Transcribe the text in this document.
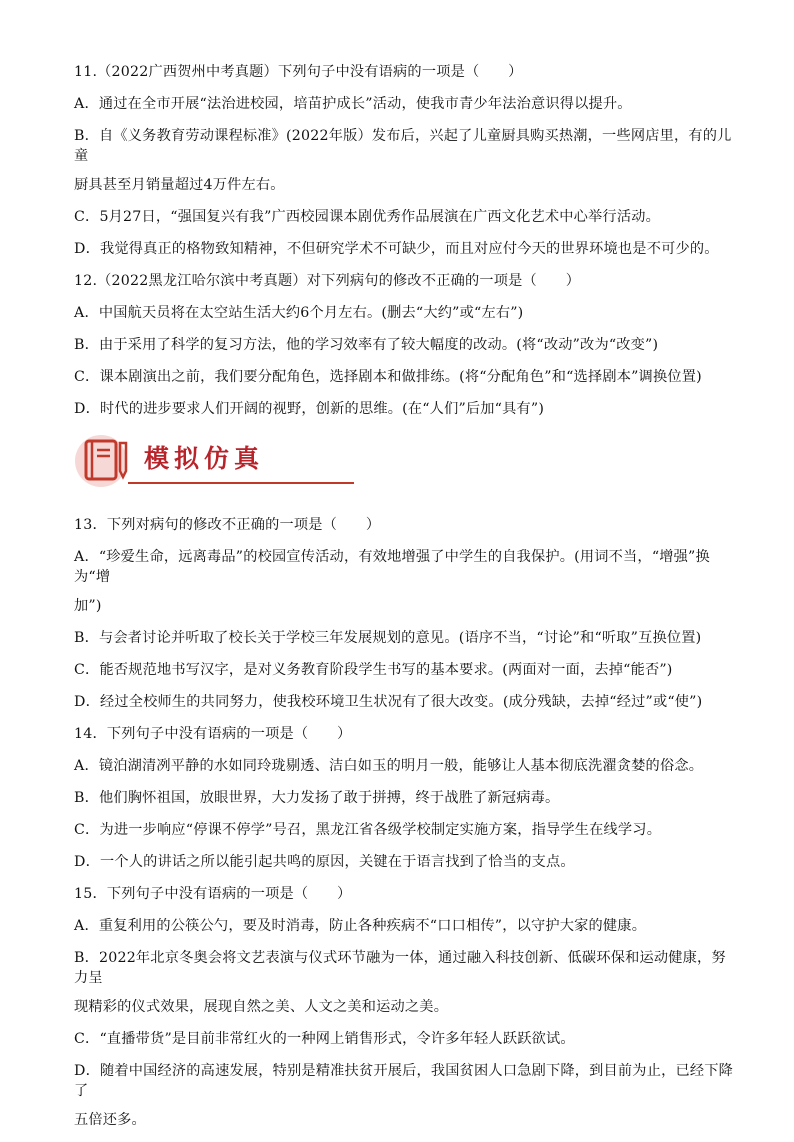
11.（2022广西贺州中考真题）下列句子中没有语病的一项是（　　）

A．通过在全市开展“法治进校园，培苗护成长”活动，使我市青少年法治意识得以提升。

B．自《义务教育劳动课程标准》(2022年版）发布后，兴起了儿童厨具购买热潮，一些网店里，有的儿童

厨具甚至月销量超过4万件左右。

C．5月27日，“强国复兴有我”广西校园课本剧优秀作品展演在广西文化艺术中心举行活动。

D．我觉得真正的格物致知精神，不但研究学术不可缺少，而且对应付今天的世界环境也是不可少的。

12.（2022黑龙江哈尔滨中考真题）对下列病句的修改不正确的一项是（　　）

A．中国航天员将在太空站生活大约6个月左右。(删去“大约”或“左右”)

B．由于采用了科学的复习方法，他的学习效率有了较大幅度的改动。(将“改动”改为“改变”)

C．课本剧演出之前，我们要分配角色，选择剧本和做排练。(将“分配角色”和“选择剧本”调换位置)

D．时代的进步要求人们开阔的视野，创新的思维。(在“人们”后加“具有”)

模拟仿真

13．下列对病句的修改不正确的一项是（　　）

A．“珍爱生命，远离毒品”的校园宣传活动，有效地增强了中学生的自我保护。(用词不当，“增强”换为“增

加”)

B．与会者讨论并听取了校长关于学校三年发展规划的意见。(语序不当，“讨论”和“听取”互换位置)

C．能否规范地书写汉字，是对义务教育阶段学生书写的基本要求。(两面对一面，去掉“能否”)

D．经过全校师生的共同努力，使我校环境卫生状况有了很大改变。(成分残缺，去掉“经过”或“使”)

14．下列句子中没有语病的一项是（　　）

A．镜泊湖清冽平静的水如同玲珑剔透、洁白如玉的明月一般，能够让人基本彻底洗濯贪婪的俗念。

B．他们胸怀祖国，放眼世界，大力发扬了敢于拼搏，终于战胜了新冠病毒。

C．为进一步响应“停课不停学”号召，黑龙江省各级学校制定实施方案，指导学生在线学习。

D．一个人的讲话之所以能引起共鸣的原因，关键在于语言找到了恰当的支点。

15．下列句子中没有语病的一项是（　　）

A．重复利用的公筷公勺，要及时消毒，防止各种疾病不“口口相传”，以守护大家的健康。

B．2022年北京冬奥会将文艺表演与仪式环节融为一体，通过融入科技创新、低碳环保和运动健康，努力呈

现精彩的仪式效果，展现自然之美、人文之美和运动之美。

C．“直播带货”是目前非常红火的一种网上销售形式，令许多年轻人跃跃欲试。

D．随着中国经济的高速发展，特别是精准扶贫开展后，我国贫困人口急剧下降，到目前为止，已经下降了

五倍还多。
